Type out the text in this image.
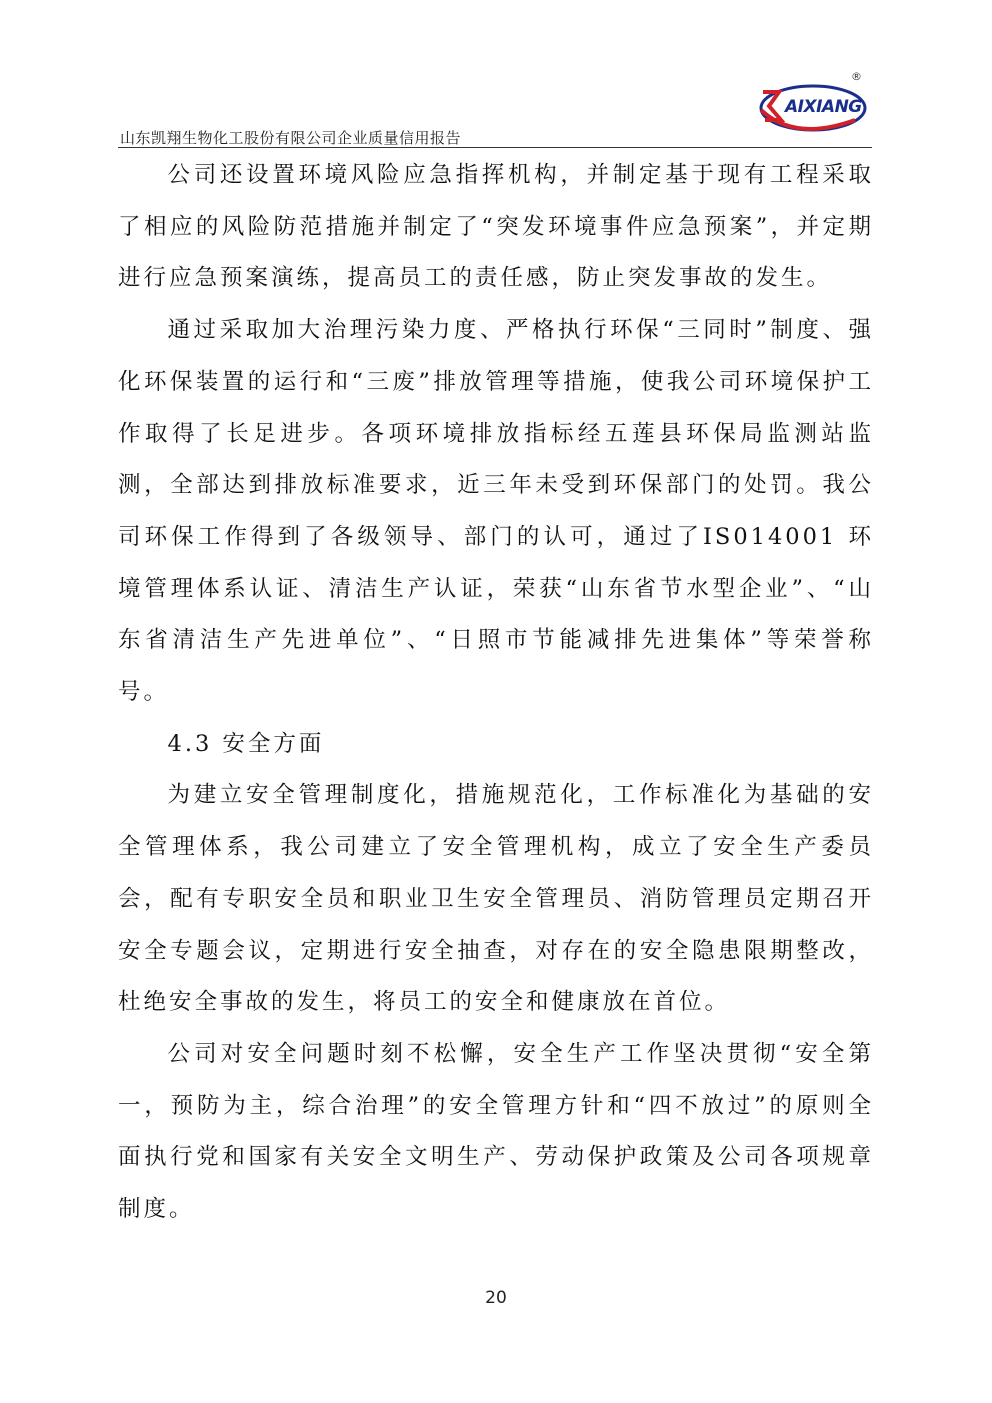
山东凯翔生物化工股份有限公司企业质量信用报告
AIXIANG
®

公司还设置环境风险应急指挥机构，并制定基于现有工程采取了相应的风险防范措施并制定了“突发环境事件应急预案”，并定期进行应急预案演练，提高员工的责任感，防止突发事故的发生。

通过采取加大治理污染力度、严格执行环保“三同时”制度、强化环保装置的运行和“三废”排放管理等措施，使我公司环境保护工作取得了长足进步。各项环境排放指标经五莲县环保局监测站监测，全部达到排放标准要求，近三年未受到环保部门的处罚。我公司环保工作得到了各级领导、部门的认可，通过了IS014001 环境管理体系认证、清洁生产认证，荣获“山东省节水型企业”、“山东省清洁生产先进单位”、“日照市节能减排先进集体”等荣誉称号。

4.3 安全方面

为建立安全管理制度化，措施规范化，工作标准化为基础的安全管理体系，我公司建立了安全管理机构，成立了安全生产委员会，配有专职安全员和职业卫生安全管理员、消防管理员定期召开安全专题会议，定期进行安全抽查，对存在的安全隐患限期整改，杜绝安全事故的发生，将员工的安全和健康放在首位。

公司对安全问题时刻不松懈，安全生产工作坚决贯彻“安全第一，预防为主，综合治理”的安全管理方针和“四不放过”的原则全面执行党和国家有关安全文明生产、劳动保护政策及公司各项规章制度。

20
